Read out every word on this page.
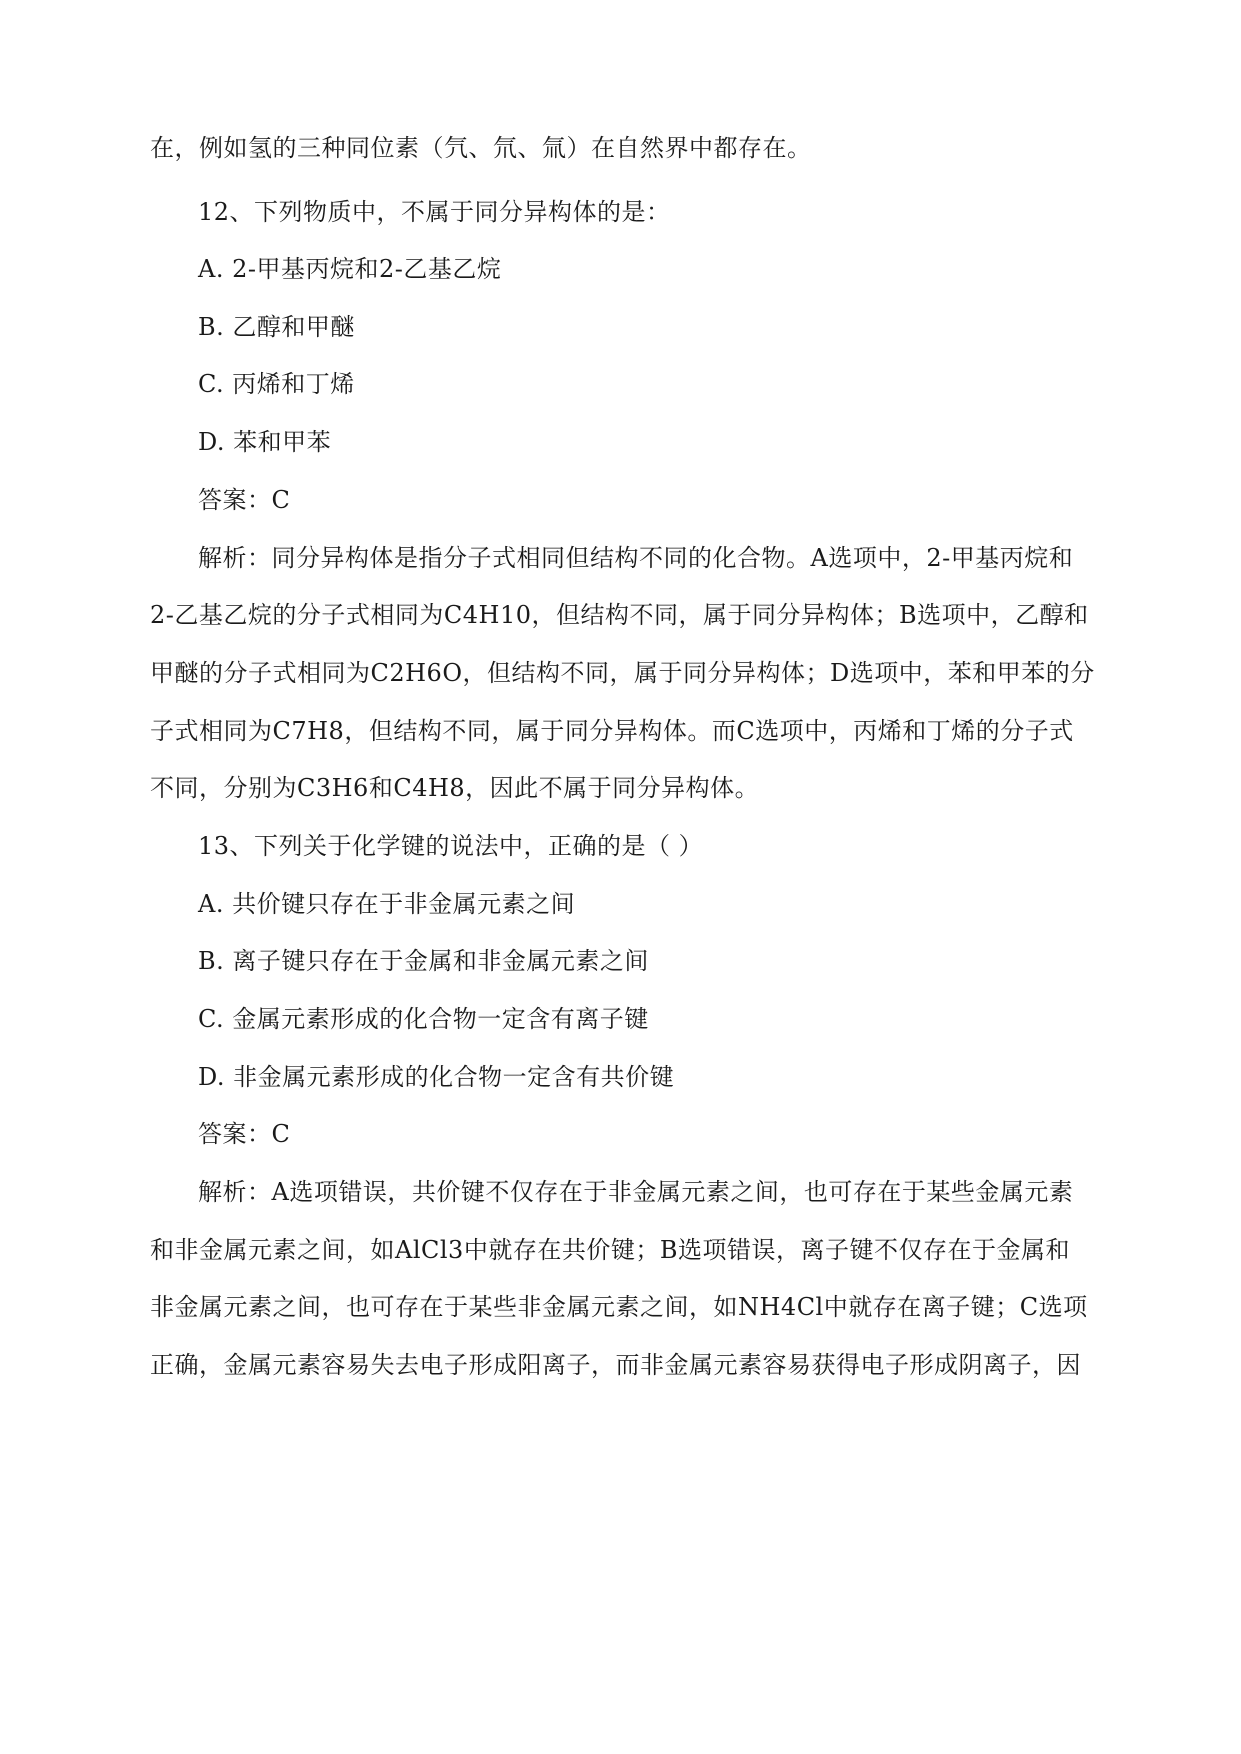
在，例如氢的三种同位素（氕、氘、氚）在自然界中都存在。
12、下列物质中，不属于同分异构体的是：
A. 2-甲基丙烷和2-乙基乙烷
B. 乙醇和甲醚
C. 丙烯和丁烯
D. 苯和甲苯
答案：C
解析：同分异构体是指分子式相同但结构不同的化合物。A选项中，2-甲基丙烷和
2-乙基乙烷的分子式相同为C4H10，但结构不同，属于同分异构体；B选项中，乙醇和
甲醚的分子式相同为C2H6O，但结构不同，属于同分异构体；D选项中，苯和甲苯的分
子式相同为C7H8，但结构不同，属于同分异构体。而C选项中，丙烯和丁烯的分子式
不同，分别为C3H6和C4H8，因此不属于同分异构体。
13、下列关于化学键的说法中，正确的是（ ）
A. 共价键只存在于非金属元素之间
B. 离子键只存在于金属和非金属元素之间
C. 金属元素形成的化合物一定含有离子键
D. 非金属元素形成的化合物一定含有共价键
答案：C
解析：A选项错误，共价键不仅存在于非金属元素之间，也可存在于某些金属元素
和非金属元素之间，如AlCl3中就存在共价键；B选项错误，离子键不仅存在于金属和
非金属元素之间，也可存在于某些非金属元素之间，如NH4Cl中就存在离子键；C选项
正确，金属元素容易失去电子形成阳离子，而非金属元素容易获得电子形成阴离子，因
